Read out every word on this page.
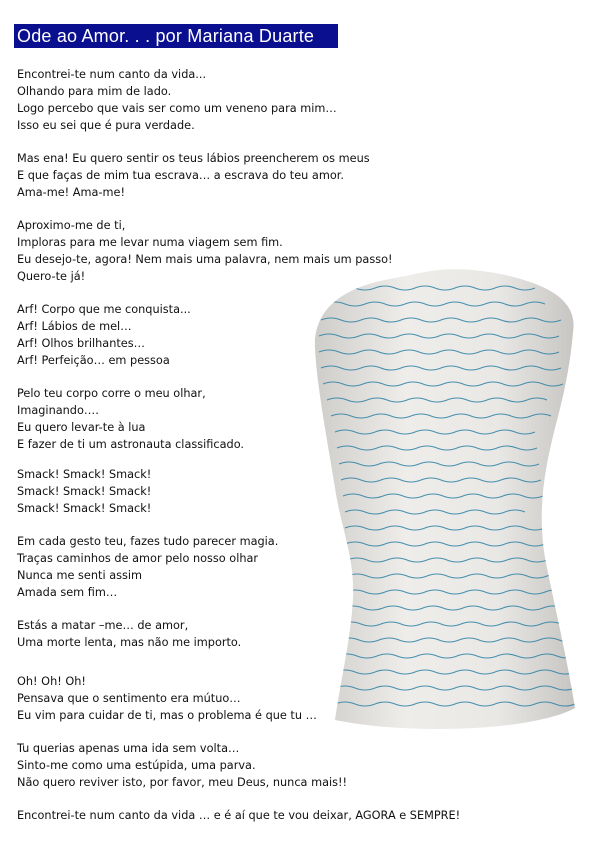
Ode ao Amor. . . por Mariana Duarte
Encontrei-te num canto da vida...
Olhando para mim de lado.
Logo percebo que vais ser como um veneno para mim…
Isso eu sei que é pura verdade.
Mas ena! Eu quero sentir os teus lábios preencherem os meus
E que faças de mim tua escrava… a escrava do teu amor.
Ama-me! Ama-me!
Aproximo-me de ti,
Imploras para me levar numa viagem sem fim.
Eu desejo-te, agora! Nem mais uma palavra, nem mais um passo!
Quero-te já!
Arf! Corpo que me conquista...
Arf! Lábios de mel…
Arf! Olhos brilhantes…
Arf! Perfeição… em pessoa
Pelo teu corpo corre o meu olhar,
Imaginando….
Eu quero levar-te à lua
E fazer de ti um astronauta classificado.
Smack! Smack! Smack!
Smack! Smack! Smack!
Smack! Smack! Smack!
Em cada gesto teu, fazes tudo parecer magia.
Traças caminhos de amor pelo nosso olhar
Nunca me senti assim
Amada sem fim…
Estás a matar –me… de amor,
Uma morte lenta, mas não me importo.
Oh! Oh! Oh!
Pensava que o sentimento era mútuo…
Eu vim para cuidar de ti, mas o problema é que tu …
Tu querias apenas uma ida sem volta…
Sinto-me como uma estúpida, uma parva.
Não quero reviver isto, por favor, meu Deus, nunca mais!!
Encontrei-te num canto da vida … e é aí que te vou deixar, AGORA e SEMPRE!
